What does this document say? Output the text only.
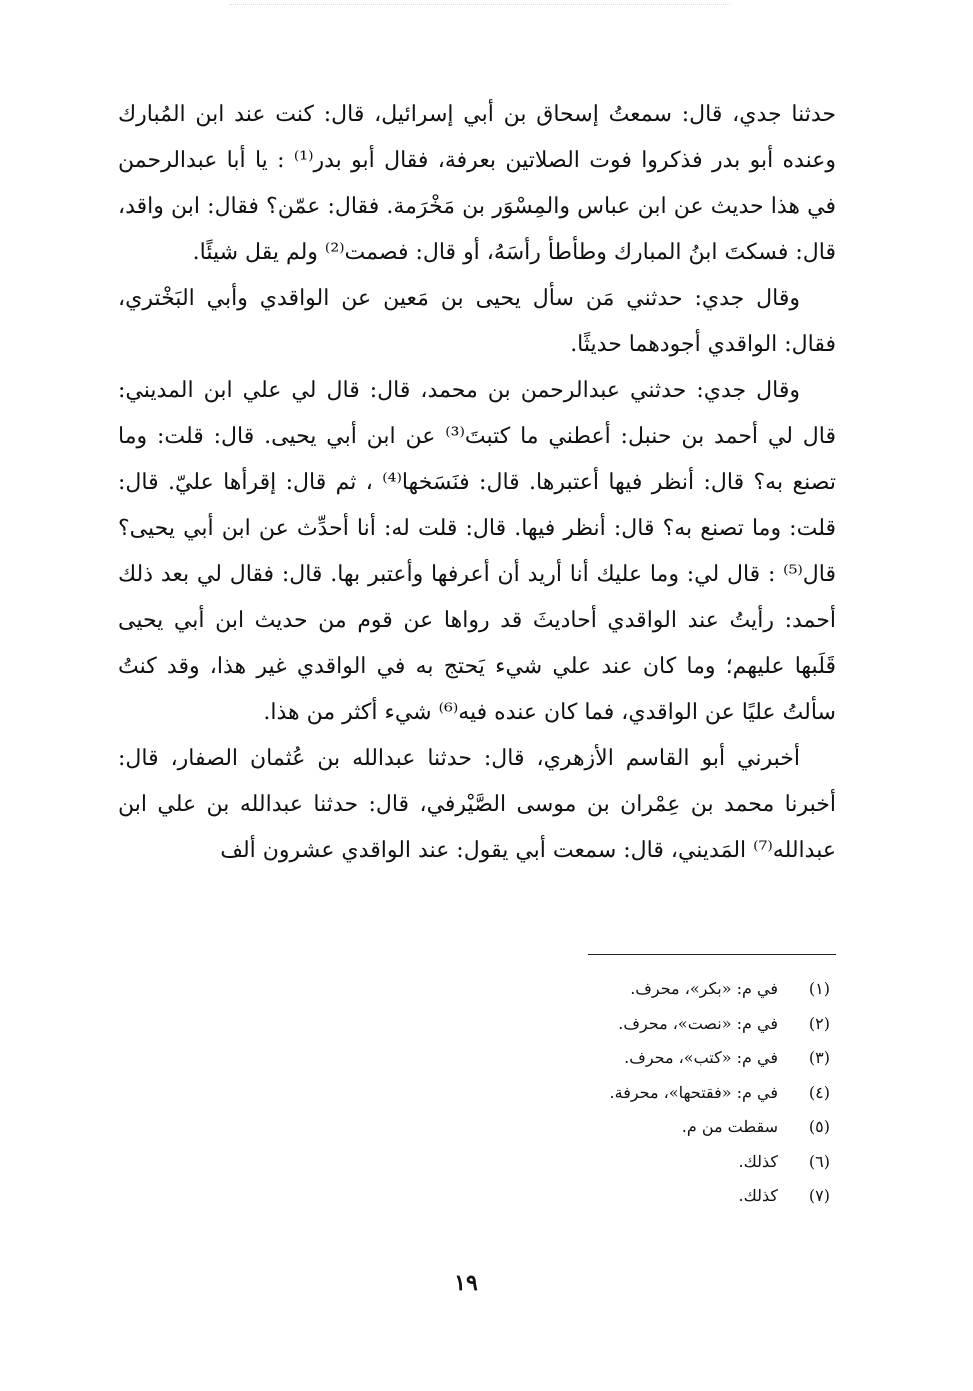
حدثنا جدي، قال: سمعتُ إسحاق بن أبي إسرائيل، قال: كنت عند ابن المُبارك وعنده أبو بدر فذكروا فوت الصلاتين بعرفة، فقال أبو بدر⁽¹⁾ : يا أبا عبدالرحمن في هذا حديث عن ابن عباس والمِسْوَر بن مَخْرَمة. فقال: عمّن؟ فقال: ابن واقد، قال: فسكتَ ابنُ المبارك وطأطأ رأسَهُ، أو قال: فصمت⁽²⁾ ولم يقل شيئًا.

وقال جدي: حدثني مَن سأل يحيى بن مَعين عن الواقدي وأبي البَخْتري، فقال: الواقدي أجودهما حديثًا.

وقال جدي: حدثني عبدالرحمن بن محمد، قال: قال لي علي ابن المديني: قال لي أحمد بن حنبل: أعطني ما كتبتَ⁽³⁾ عن ابن أبي يحيى. قال: قلت: وما تصنع به؟ قال: أنظر فيها أعتبرها. قال: فنَسَخها⁽⁴⁾ ، ثم قال: إقرأها عليّ. قال: قلت: وما تصنع به؟ قال: أنظر فيها. قال: قلت له: أنا أحدِّث عن ابن أبي يحيى؟ قال⁽⁵⁾ : قال لي: وما عليك أنا أريد أن أعرفها وأعتبر بها. قال: فقال لي بعد ذلك أحمد: رأيتُ عند الواقدي أحاديثَ قد رواها عن قوم من حديث ابن أبي يحيى قَلَبها عليهم؛ وما كان عند علي شيء يَحتج به في الواقدي غير هذا، وقد كنتُ سألتُ عليًا عن الواقدي، فما كان عنده فيه⁽⁶⁾ شيء أكثر من هذا.

أخبرني أبو القاسم الأزهري، قال: حدثنا عبدالله بن عُثمان الصفار، قال: أخبرنا محمد بن عِمْران بن موسى الصَّيْرفي، قال: حدثنا عبدالله بن علي ابن عبدالله⁽⁷⁾ المَديني، قال: سمعت أبي يقول: عند الواقدي عشرون ألف

(١)
في م: «بكر»، محرف.
(٢)
في م: «نصت»، محرف.
(٣)
في م: «كتب»، محرف.
(٤)
في م: «فقتحها»، محرفة.
(٥)
سقطت من م.
(٦)
كذلك.
(٧)
كذلك.
١٩
